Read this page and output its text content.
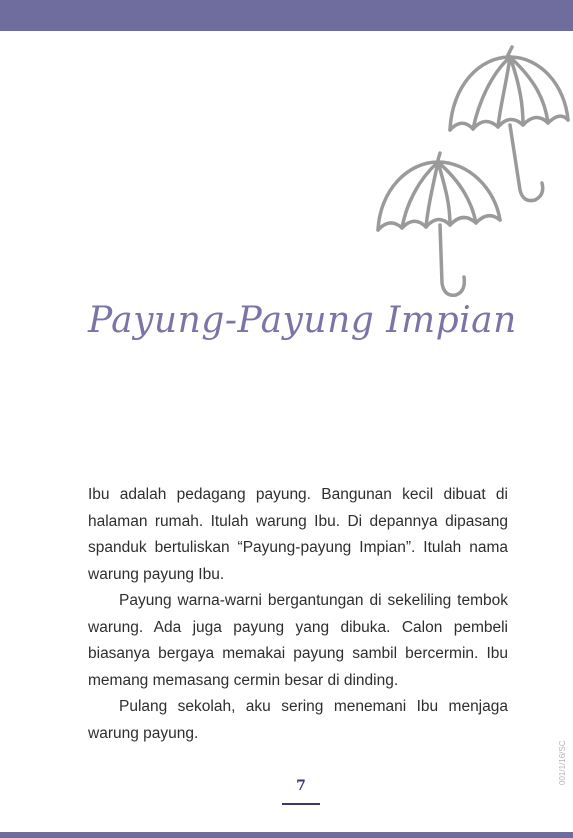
Payung-Payung Impian

Ibu adalah pedagang payung. Bangunan kecil dibuat di halaman rumah. Itulah warung Ibu. Di depannya dipasang spanduk bertuliskan “Payung-payung Impian”. Itulah nama warung payung Ibu.

Payung warna-warni bergantungan di sekeliling tembok warung. Ada juga payung yang dibuka. Calon pembeli biasanya bergaya memakai payung sambil bercermin. Ibu memang memasang cermin besar di dinding.

Pulang sekolah, aku sering menemani Ibu menjaga warung payung.

7
001/1/16/SC
